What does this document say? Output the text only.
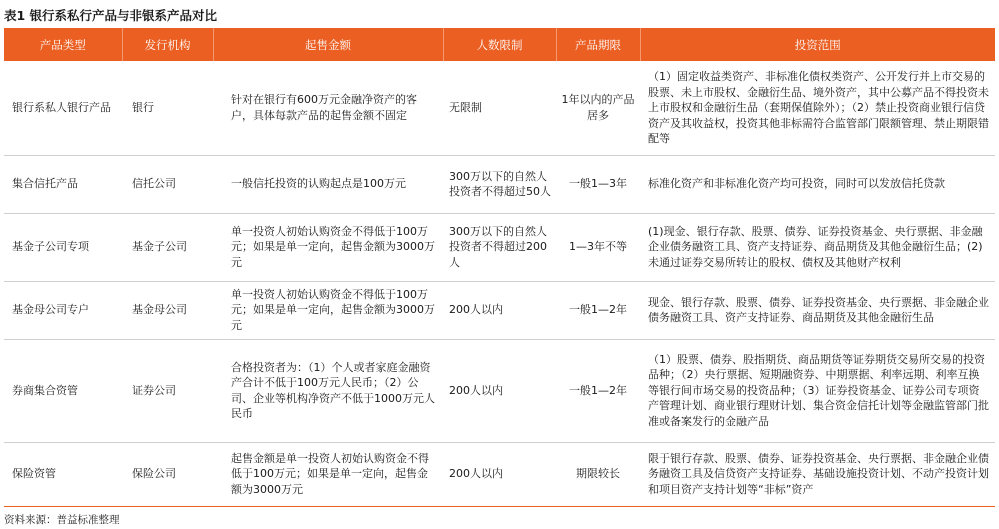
表1 银行系私行产品与非银系产品对比
产品类型	发行机构	起售金额	人数限制	产品期限	投资范围
银行系私人银行产品	银行	针对在银行有600万元金融净资产的客户，具体每款产品的起售金额不固定	无限制	1年以内的产品居多	（1）固定收益类资产、非标准化债权类资产、公开发行并上市交易的股票、未上市股权、金融衍生品、境外资产，其中公募产品不得投资未上市股权和金融衍生品（套期保值除外）；（2）禁止投资商业银行信贷资产及其收益权，投资其他非标需符合监管部门限额管理、禁止期限错配等
集合信托产品	信托公司	一般信托投资的认购起点是100万元	300万以下的自然人投资者不得超过50人	一般1—3年	标准化资产和非标准化资产均可投资，同时可以发放信托贷款
基金子公司专项	基金子公司	单一投资人初始认购资金不得低于100万元；如果是单一定向，起售金额为3000万元	300万以下的自然人投资者不得超过200人	1—3年不等	(1)现金、银行存款、股票、债券、证券投资基金、央行票据、非金融企业债务融资工具、资产支持证券、商品期货及其他金融衍生品；(2)未通过证券交易所转让的股权、债权及其他财产权利
基金母公司专户	基金母公司	单一投资人初始认购资金不得低于100万元；如果是单一定向，起售金额为3000万元	200人以内	一般1—2年	现金、银行存款、股票、债券、证券投资基金、央行票据、非金融企业债务融资工具、资产支持证券、商品期货及其他金融衍生品
券商集合资管	证券公司	合格投资者为：（1）个人或者家庭金融资产合计不低于100万元人民币；（2）公司、企业等机构净资产不低于1000万元人民币	200人以内	一般1—2年	（1）股票、债券、股指期货、商品期货等证券期货交易所交易的投资品种；（2）央行票据、短期融资券、中期票据、利率远期、利率互换等银行间市场交易的投资品种；（3）证券投资基金、证券公司专项资产管理计划、商业银行理财计划、集合资金信托计划等金融监管部门批准或备案发行的金融产品
保险资管	保险公司	起售金额是单一投资人初始认购资金不得低于100万元；如果是单一定向，起售金额为3000万元	200人以内	期限较长	限于银行存款、股票、债券、证券投资基金、央行票据、非金融企业债务融资工具及信贷资产支持证券、基础设施投资计划、不动产投资计划和项目资产支持计划等“非标”资产
资料来源：普益标准整理
